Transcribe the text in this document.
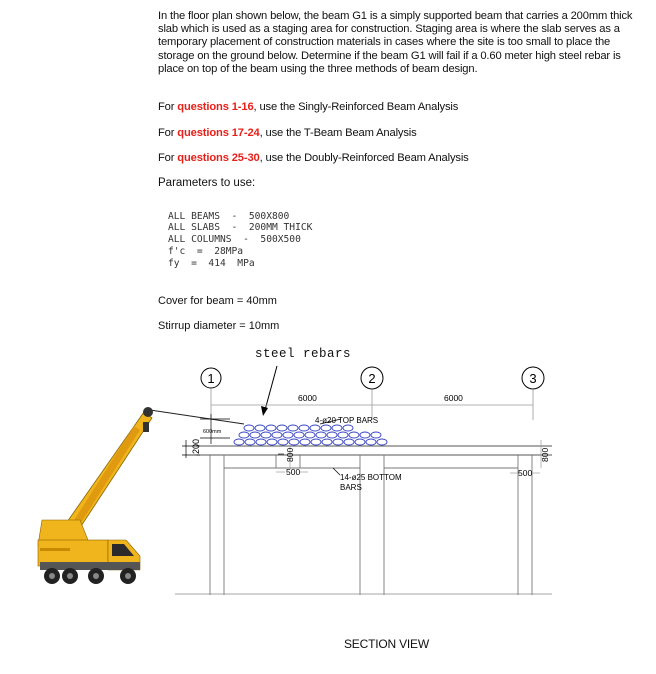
In the floor plan shown below, the beam G1 is a simply supported beam that carries a 200mm thick slab which is used as a staging area for construction. Staging area is where the slab serves as a temporary placement of construction materials in cases where the site is too small to place the storage on the ground below. Determine if the beam G1 will fail if a 0.60 meter high steel rebar is place on top of the beam using the three methods of beam design.

For questions 1-16, use the Singly-Reinforced Beam Analysis
For questions 17-24, use the T-Beam Beam Analysis
For questions 25-30, use the Doubly-Reinforced Beam Analysis
Parameters to use:
ALL BEAMS  -  500X800
ALL SLABS  -  200MM THICK
ALL COLUMNS  -  500X500
f'c  =  28MPa
fy  =  414  MPa
Cover for beam = 40mm
Stirrup diameter = 10mm
steel rebars
1	2	3
6000	6000
4-ø20 TOP BARS
600mm
200
800
ѧѧѧ
500
14-ø25 BOTTOM
BARS
800
500
SECTION VIEW
